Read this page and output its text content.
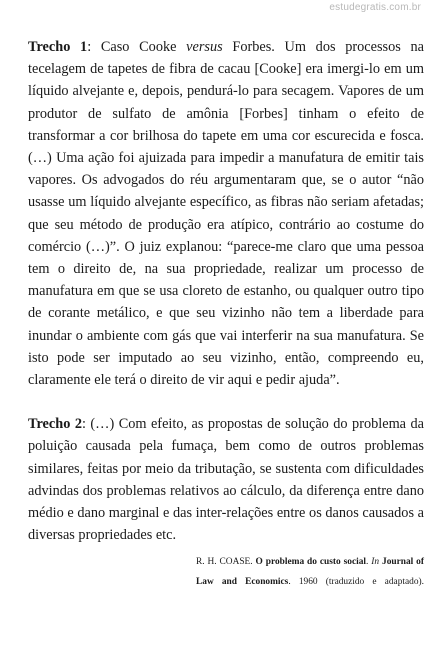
estudegratis.com.br

Trecho 1: Caso Cooke versus Forbes. Um dos processos na tecelagem de tapetes de fibra de cacau [Cooke] era imergi-lo em um líquido alvejante e, depois, pendurá-lo para secagem. Vapores de um produtor de sulfato de amônia [Forbes] tinham o efeito de transformar a cor brilhosa do tapete em uma cor escurecida e fosca. (…) Uma ação foi ajuizada para impedir a manufatura de emitir tais vapores. Os advogados do réu argumentaram que, se o autor “não usasse um líquido alvejante específico, as fibras não seriam afetadas; que seu método de produção era atípico, contrário ao costume do comércio (…)”. O juiz explanou: “parece-me claro que uma pessoa tem o direito de, na sua propriedade, realizar um processo de manufatura em que se usa cloreto de estanho, ou qualquer outro tipo de corante metálico, e que seu vizinho não tem a liberdade para inundar o ambiente com gás que vai interferir na sua manufatura. Se isto pode ser imputado ao seu vizinho, então, compreendo eu, claramente ele terá o direito de vir aqui e pedir ajuda”.

Trecho 2: (…) Com efeito, as propostas de solução do problema da poluição causada pela fumaça, bem como de outros problemas similares, feitas por meio da tributação, se sustenta com dificuldades advindas dos problemas relativos ao cálculo, da diferença entre dano médio e dano marginal e das inter-relações entre os danos causados a diversas propriedades etc.

R. H. COASE. O problema do custo social. In Journal of Law and Economics. 1960 (traduzido e adaptado).
